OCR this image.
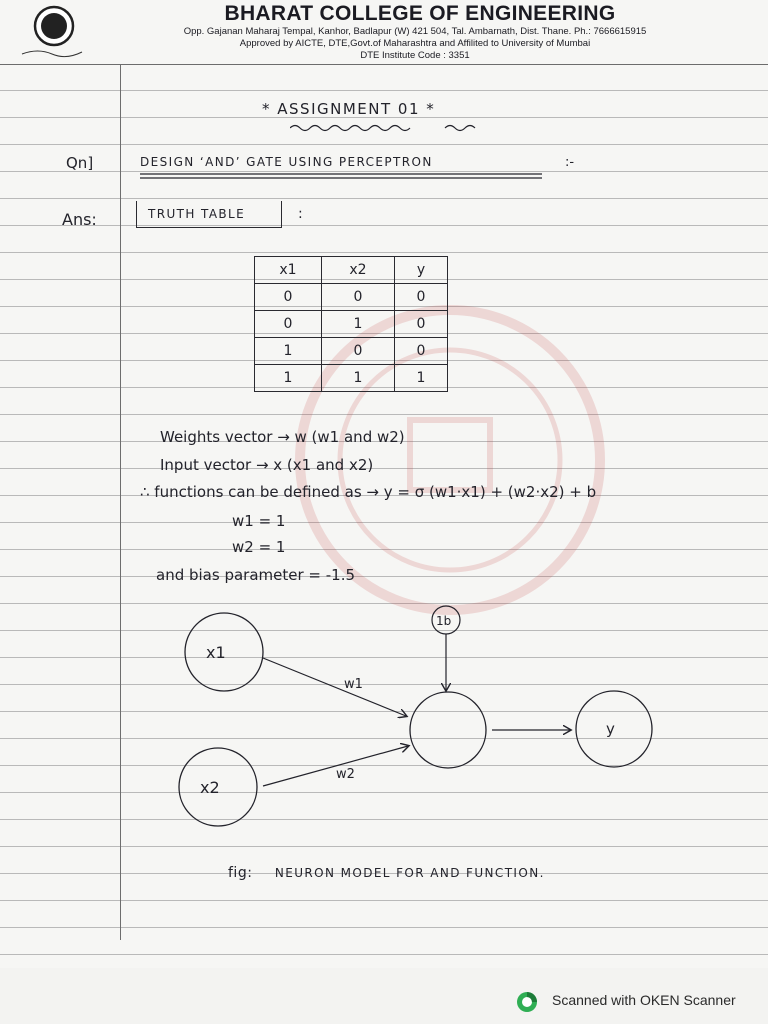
BHARAT COLLEGE OF ENGINEERING
Opp. Gajanan Maharaj Tempal, Kanhor, Badlapur (W) 421 504, Tal. Ambarnath, Dist. Thane. Ph.: 7666615915
Approved by AICTE, DTE,Govt.of Maharashtra and Affilited to University of Mumbai
DTE Institute Code : 3351
* ASSIGNMENT 01 *
Qn]	DESIGN ‘AND’ GATE USING PERCEPTRON	:-
Ans:	TRUTH TABLE	:
x1	x2	y
0	0	0
0	1	0
1	0	0
1	1	1
Weights vector → w (w1 and w2)
Input vector → x (x1 and x2)
∴ functions can be defined as → y = σ (w1·x1) + (w2·x2) + b
w1 = 1
w2 = 1
and bias parameter = -1.5
x1
x2
1b
y
w1
w2
fig: NEURON MODEL FOR AND FUNCTION.
Scanned with OKEN Scanner
